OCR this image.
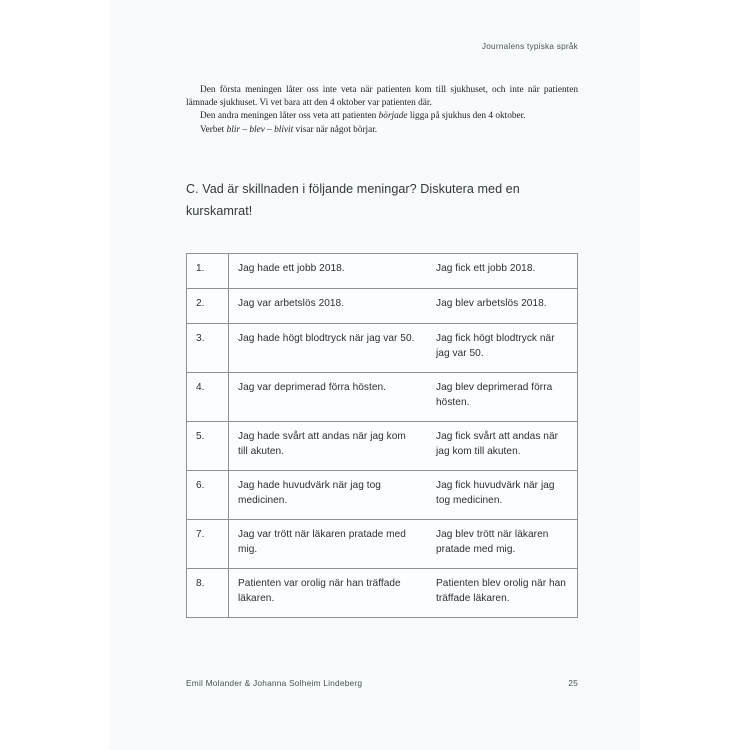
Journalens typiska språk

Den första meningen låter oss inte veta när patienten kom till sjukhuset, och inte när patienten lämnade sjukhuset. Vi vet bara att den 4 oktober var patienten där.

Den andra meningen låter oss veta att patienten började ligga på sjukhus den 4 oktober.

Verbet blir – blev – blivit visar när något börjar.

C. Vad är skillnaden i följande meningar? Diskutera med en kurskamrat!
1.	Jag hade ett jobb 2018.	Jag fick ett jobb 2018.
2.	Jag var arbetslös 2018.	Jag blev arbetslös 2018.
3.	Jag hade högt blodtryck när jag var 50.	Jag fick högt blodtryck när jag var 50.
4.	Jag var deprimerad förra hösten.	Jag blev deprimerad förra hösten.
5.	Jag hade svårt att andas när jag kom till akuten.	Jag fick svårt att andas när jag kom till akuten.
6.	Jag hade huvudvärk när jag tog medicinen.	Jag fick huvudvärk när jag tog medicinen.
7.	Jag var trött när läkaren pratade med mig.	Jag blev trött när läkaren pratade med mig.
8.	Patienten var orolig när han träffade läkaren.	Patienten blev orolig när han träffade läkaren.
Emil Molander & Johanna Solheim Lindeberg	25
